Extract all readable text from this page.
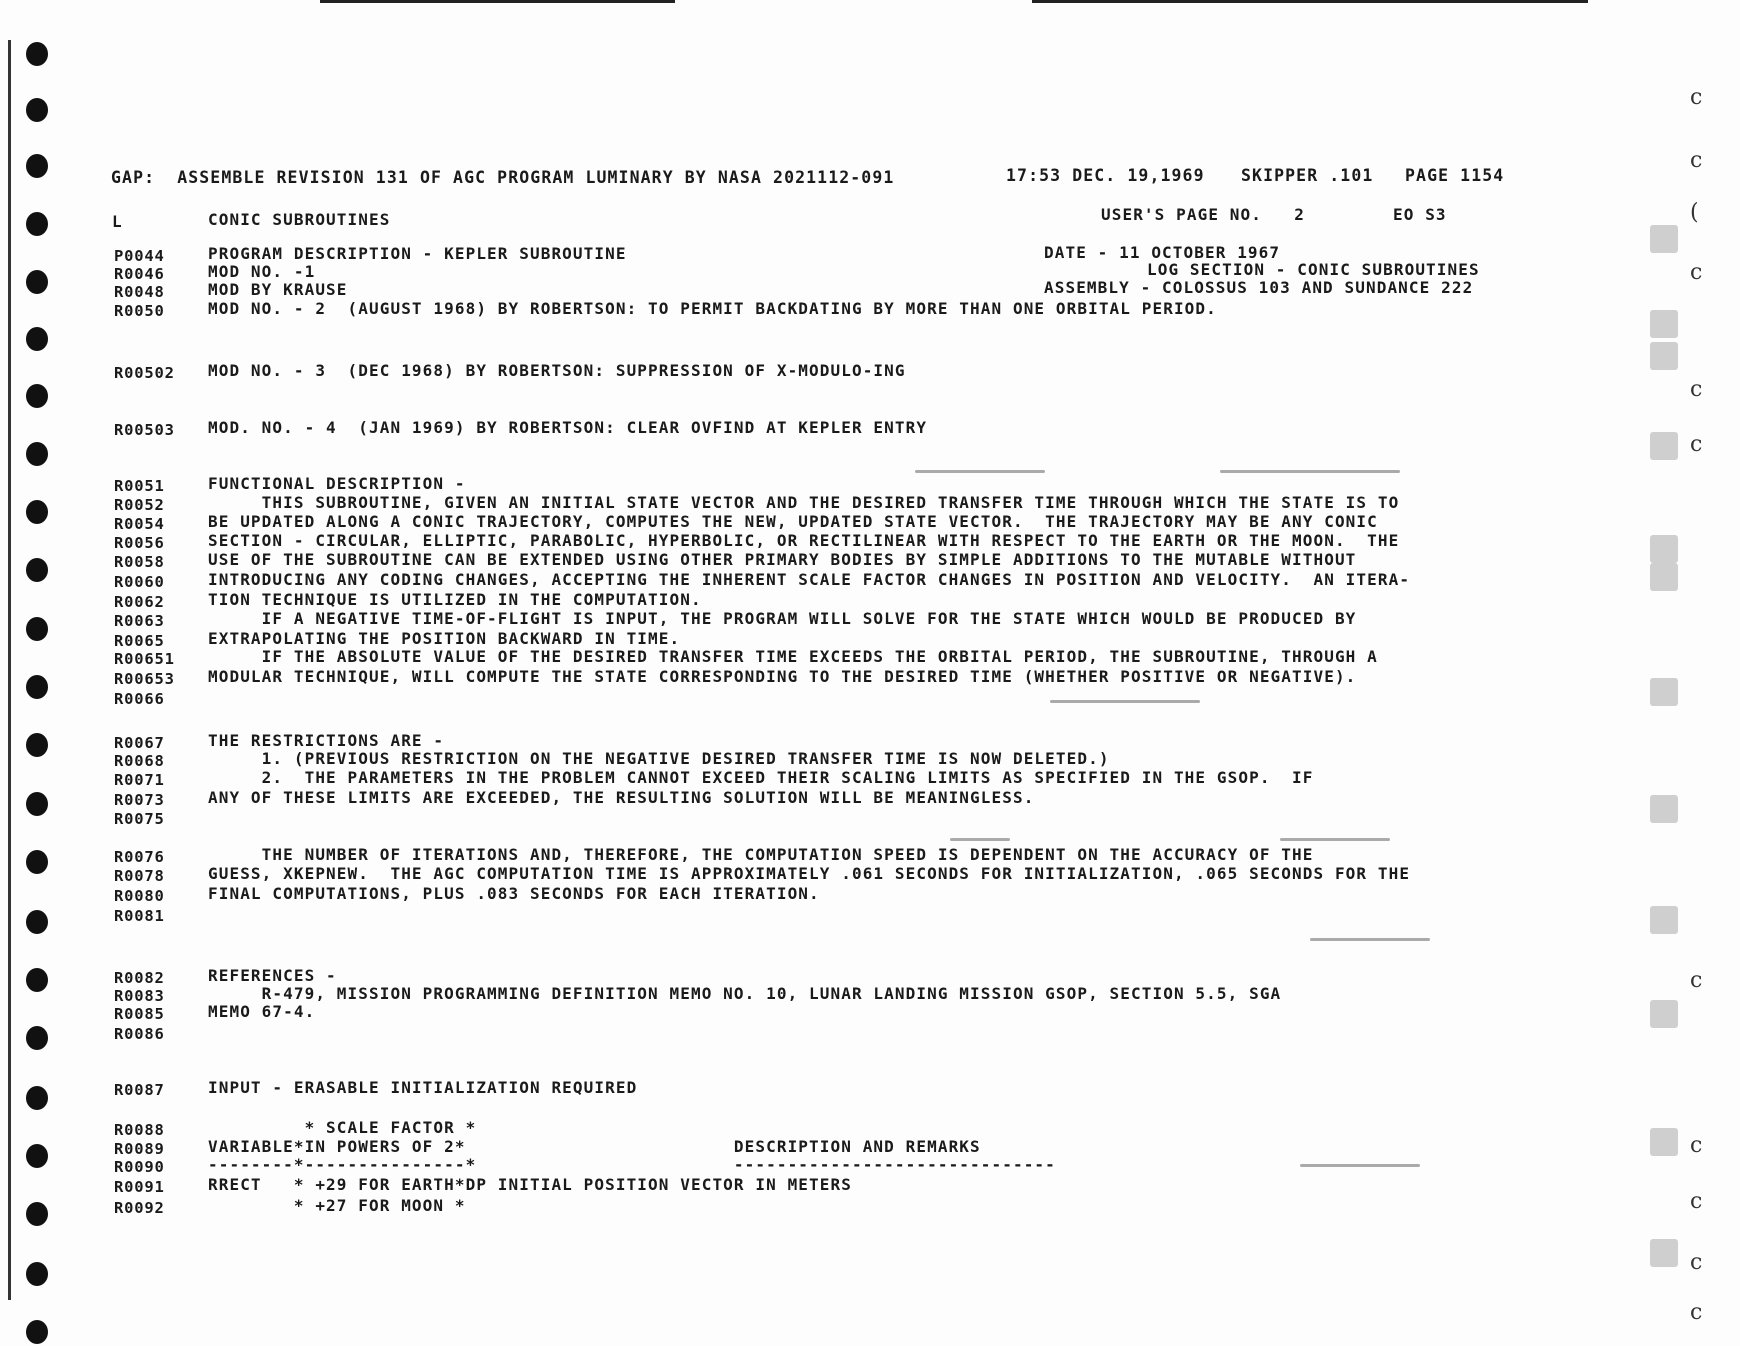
c
c
(
c
c
c
c
c
c
c
c
GAP:  ASSEMBLE REVISION 131 OF AGC PROGRAM LUMINARY BY NASA 2021112-091	17:53 DEC. 19,1969 SKIPPER .101 PAGE 1154
L	CONIC SUBROUTINES	USER'S PAGE NO.   2	EO S3
DATE - 11 OCTOBER 1967
LOG SECTION - CONIC SUBROUTINES
ASSEMBLY - COLOSSUS 103 AND SUNDANCE 222
P0044	PROGRAM DESCRIPTION - KEPLER SUBROUTINE
R0046	MOD NO. -1
R0048	MOD BY KRAUSE
R0050	MOD NO. - 2  (AUGUST 1968) BY ROBERTSON: TO PERMIT BACKDATING BY MORE THAN ONE ORBITAL PERIOD.
R00502 MOD NO. - 3  (DEC 1968) BY ROBERTSON: SUPPRESSION OF X-MODULO-ING
R00503 MOD. NO. - 4  (JAN 1969) BY ROBERTSON: CLEAR OVFIND AT KEPLER ENTRY
R0051	FUNCTIONAL DESCRIPTION -
R0052	THIS SUBROUTINE, GIVEN AN INITIAL STATE VECTOR AND THE DESIRED TRANSFER TIME THROUGH WHICH THE STATE IS TO
R0054	BE UPDATED ALONG A CONIC TRAJECTORY, COMPUTES THE NEW, UPDATED STATE VECTOR.  THE TRAJECTORY MAY BE ANY CONIC
R0056	SECTION - CIRCULAR, ELLIPTIC, PARABOLIC, HYPERBOLIC, OR RECTILINEAR WITH RESPECT TO THE EARTH OR THE MOON.  THE
R0058	USE OF THE SUBROUTINE CAN BE EXTENDED USING OTHER PRIMARY BODIES BY SIMPLE ADDITIONS TO THE MUTABLE WITHOUT
R0060	INTRODUCING ANY CODING CHANGES, ACCEPTING THE INHERENT SCALE FACTOR CHANGES IN POSITION AND VELOCITY.  AN ITERA-
R0062	TION TECHNIQUE IS UTILIZED IN THE COMPUTATION.
R0063	IF A NEGATIVE TIME-OF-FLIGHT IS INPUT, THE PROGRAM WILL SOLVE FOR THE STATE WHICH WOULD BE PRODUCED BY
R0065	EXTRAPOLATING THE POSITION BACKWARD IN TIME.
R00651 IF THE ABSOLUTE VALUE OF THE DESIRED TRANSFER TIME EXCEEDS THE ORBITAL PERIOD, THE SUBROUTINE, THROUGH A
R00653 MODULAR TECHNIQUE, WILL COMPUTE THE STATE CORRESPONDING TO THE DESIRED TIME (WHETHER POSITIVE OR NEGATIVE).
R0066
R0067	THE RESTRICTIONS ARE -
R0068	1. (PREVIOUS RESTRICTION ON THE NEGATIVE DESIRED TRANSFER TIME IS NOW DELETED.)
R0071	2.  THE PARAMETERS IN THE PROBLEM CANNOT EXCEED THEIR SCALING LIMITS AS SPECIFIED IN THE GSOP.  IF
R0073	ANY OF THESE LIMITS ARE EXCEEDED, THE RESULTING SOLUTION WILL BE MEANINGLESS.
R0075
R0076	THE NUMBER OF ITERATIONS AND, THEREFORE, THE COMPUTATION SPEED IS DEPENDENT ON THE ACCURACY OF THE
R0078	GUESS, XKEPNEW.  THE AGC COMPUTATION TIME IS APPROXIMATELY .061 SECONDS FOR INITIALIZATION, .065 SECONDS FOR THE
R0080	FINAL COMPUTATIONS, PLUS .083 SECONDS FOR EACH ITERATION.
R0081
R0082	REFERENCES -
R0083	R-479, MISSION PROGRAMMING DEFINITION MEMO NO. 10, LUNAR LANDING MISSION GSOP, SECTION 5.5, SGA
R0085	MEMO 67-4.
R0086
R0087	INPUT - ERASABLE INITIALIZATION REQUIRED
R0088	* SCALE FACTOR *
R0089	VARIABLE*IN POWERS OF 2*                         DESCRIPTION AND REMARKS
R0090	--------*---------------*                        ------------------------------
R0091	RRECT   * +29 FOR EARTH*DP INITIAL POSITION VECTOR IN METERS
R0092	* +27 FOR MOON *
